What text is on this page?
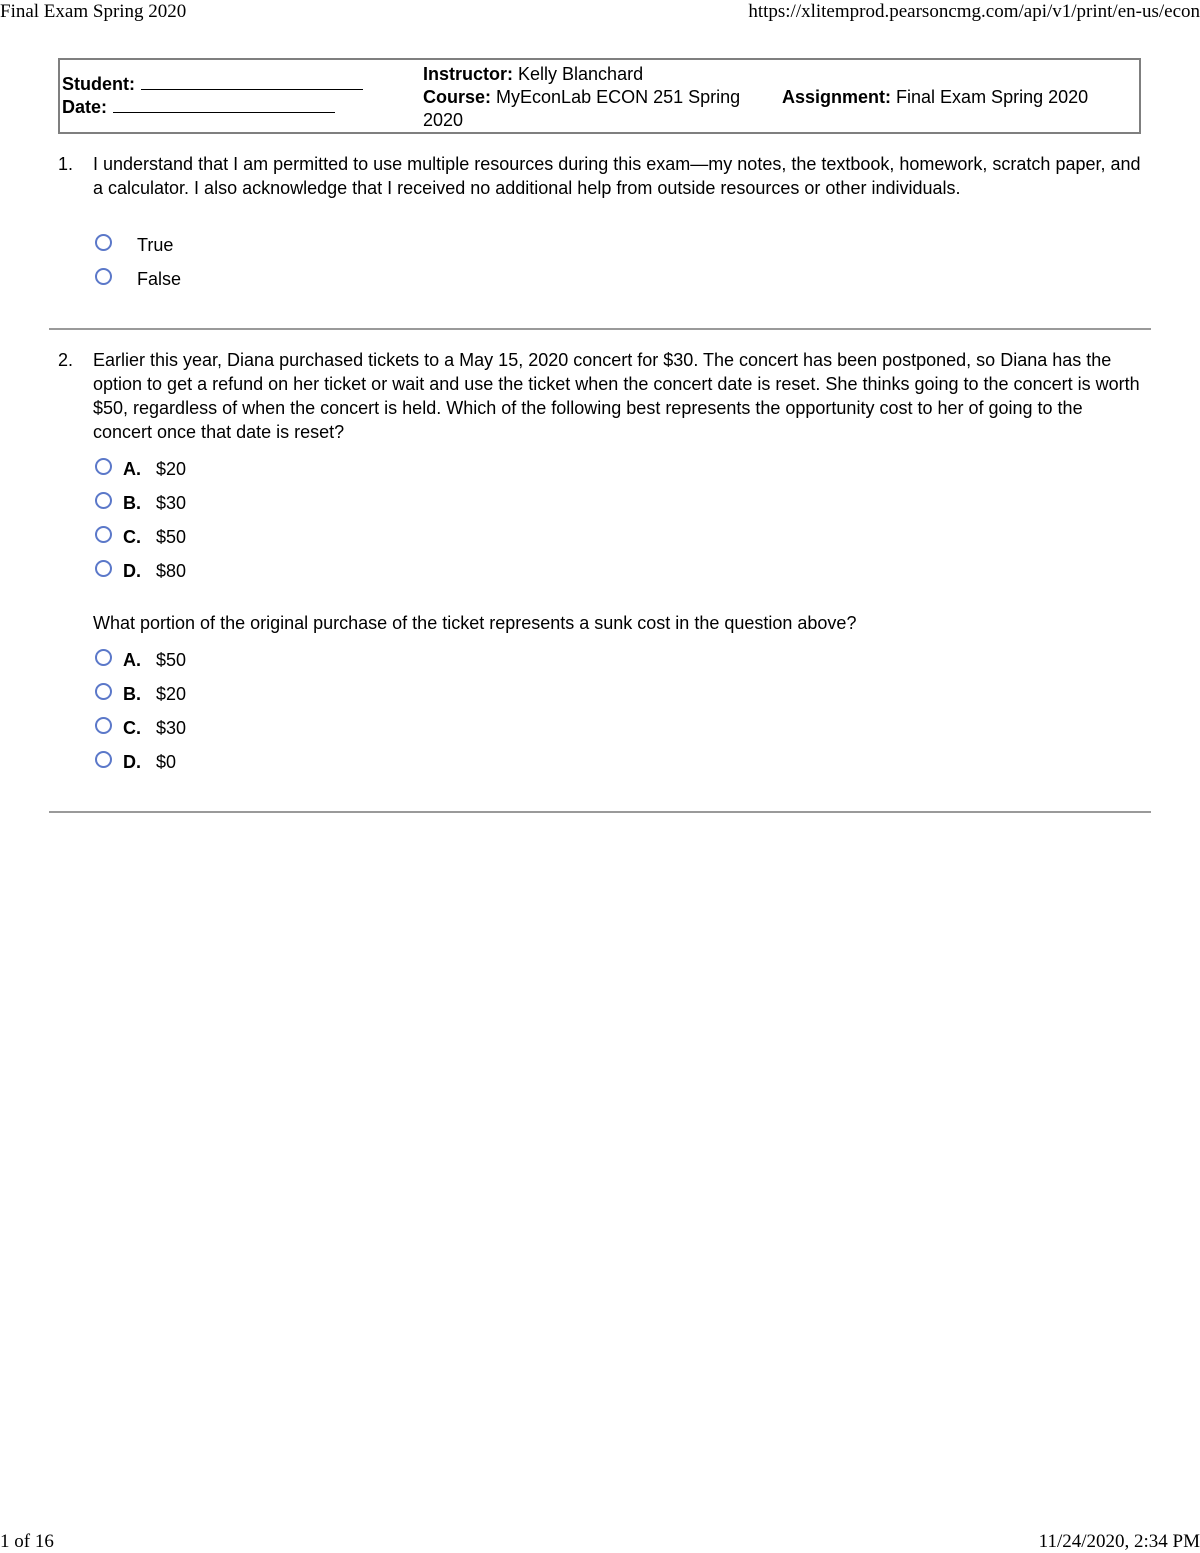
Final Exam Spring 2020	https://xlitemprod.pearsoncmg.com/api/v1/print/en-us/econ
Student:
Date:
Instructor: Kelly Blanchard
Course: MyEconLab ECON 251 Spring 2020
Assignment: Final Exam Spring 2020
1.	I understand that I am permitted to use multiple resources during this exam—my notes, the textbook, homework, scratch paper, and a calculator. I also acknowledge that I received no additional help from outside resources or other individuals.
True
False
2.	Earlier this year, Diana purchased tickets to a May 15, 2020 concert for $30. The concert has been postponed, so Diana has the option to get a refund on her ticket or wait and use the ticket when the concert date is reset. She thinks going to the concert is worth $50, regardless of when the concert is held. Which of the following best represents the opportunity cost to her of going to the concert once that date is reset?
A. $20
B. $30
C. $50
D. $80
What portion of the original purchase of the ticket represents a sunk cost in the question above?
A. $50
B. $20
C. $30
D. $0
1 of 16	11/24/2020, 2:34 PM
